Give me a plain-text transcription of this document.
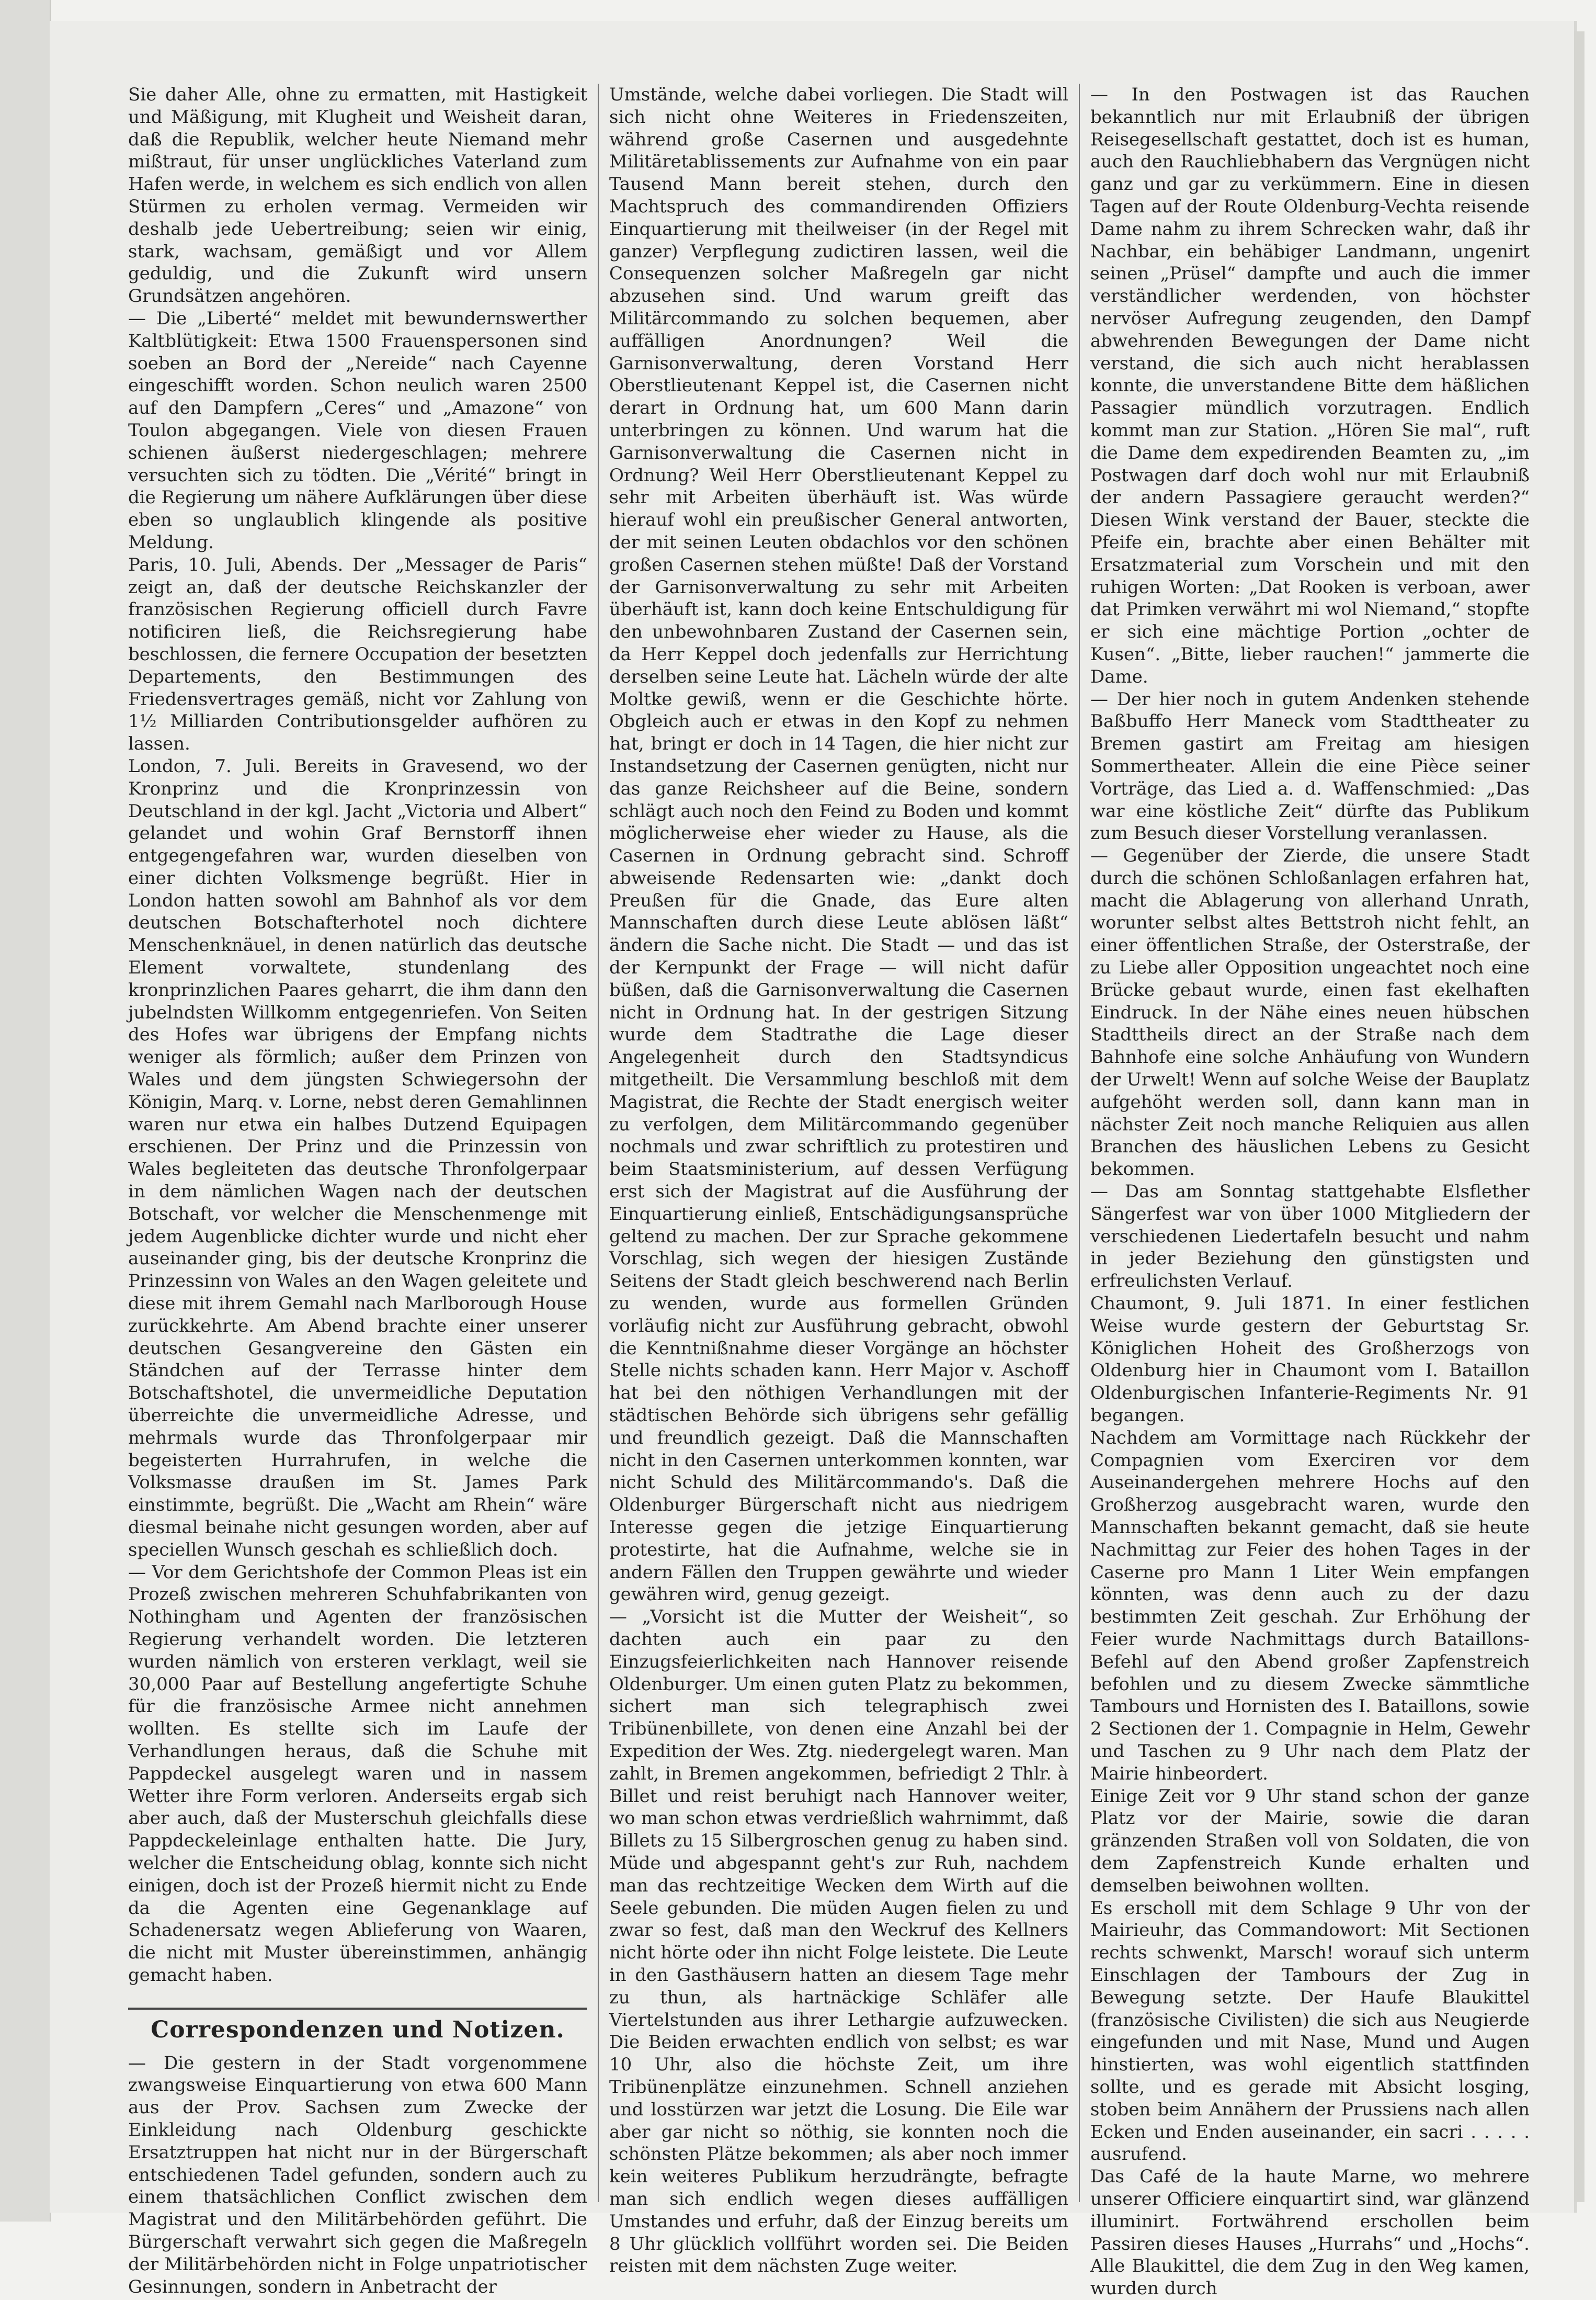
Sie daher Alle, ohne zu ermatten, mit Hastigkeit und Mäßigung, mit Klugheit und Weisheit daran, daß die Republik, welcher heute Niemand mehr mißtraut, für unser unglückliches Vaterland zum Hafen werde, in welchem es sich endlich von allen Stürmen zu erholen vermag. Vermeiden wir deshalb jede Uebertreibung; seien wir einig, stark, wachsam, gemäßigt und vor Allem geduldig, und die Zukunft wird unsern Grundsätzen angehören.

— Die „Liberté“ meldet mit bewundernswerther Kaltblütigkeit: Etwa 1500 Frauenspersonen sind soeben an Bord der „Nereide“ nach Cayenne eingeschifft worden. Schon neulich waren 2500 auf den Dampfern „Ceres“ und „Amazone“ von Toulon abgegangen. Viele von diesen Frauen schienen äußerst niedergeschlagen; mehrere versuchten sich zu tödten. Die „Vérité“ bringt in die Regierung um nähere Aufklärungen über diese eben so unglaublich klingende als positive Meldung.

Paris, 10. Juli, Abends. Der „Messager de Paris“ zeigt an, daß der deutsche Reichskanzler der französischen Regierung officiell durch Favre notificiren ließ, die Reichsregierung habe beschlossen, die fernere Occupation der besetzten Departements, den Bestimmungen des Friedensvertrages gemäß, nicht vor Zahlung von 1½ Milliarden Contributionsgelder aufhören zu lassen.

London, 7. Juli. Bereits in Gravesend, wo der Kronprinz und die Kronprinzessin von Deutschland in der kgl. Jacht „Victoria und Albert“ gelandet und wohin Graf Bernstorff ihnen entgegengefahren war, wurden dieselben von einer dichten Volksmenge begrüßt. Hier in London hatten sowohl am Bahnhof als vor dem deutschen Botschafterhotel noch dichtere Menschenknäuel, in denen natürlich das deutsche Element vorwaltete, stundenlang des kronprinzlichen Paares geharrt, die ihm dann den jubelndsten Willkomm entgegenriefen. Von Seiten des Hofes war übrigens der Empfang nichts weniger als förmlich; außer dem Prinzen von Wales und dem jüngsten Schwiegersohn der Königin, Marq. v. Lorne, nebst deren Gemahlinnen waren nur etwa ein halbes Dutzend Equipagen erschienen. Der Prinz und die Prinzessin von Wales begleiteten das deutsche Thronfolgerpaar in dem nämlichen Wagen nach der deutschen Botschaft, vor welcher die Menschenmenge mit jedem Augenblicke dichter wurde und nicht eher auseinander ging, bis der deutsche Kronprinz die Prinzessinn von Wales an den Wagen geleitete und diese mit ihrem Gemahl nach Marlborough House zurückkehrte. Am Abend brachte einer unserer deutschen Gesangvereine den Gästen ein Ständchen auf der Terrasse hinter dem Botschaftshotel, die unvermeidliche Deputation überreichte die unvermeidliche Adresse, und mehrmals wurde das Thronfolgerpaar mir begeisterten Hurrahrufen, in welche die Volksmasse draußen im St. James Park einstimmte, begrüßt. Die „Wacht am Rhein“ wäre diesmal beinahe nicht gesungen worden, aber auf speciellen Wunsch geschah es schließlich doch.

— Vor dem Gerichtshofe der Common Pleas ist ein Prozeß zwischen mehreren Schuhfabrikanten von Nothingham und Agenten der französischen Regierung verhandelt worden. Die letzteren wurden nämlich von ersteren verklagt, weil sie 30,000 Paar auf Bestellung angefertigte Schuhe für die französische Armee nicht annehmen wollten. Es stellte sich im Laufe der Verhandlungen heraus, daß die Schuhe mit Pappdeckel ausgelegt waren und in nassem Wetter ihre Form verloren. Anderseits ergab sich aber auch, daß der Musterschuh gleichfalls diese Pappdeckeleinlage enthalten hatte. Die Jury, welcher die Entscheidung oblag, konnte sich nicht einigen, doch ist der Prozeß hiermit nicht zu Ende da die Agenten eine Gegenanklage auf Schadenersatz wegen Ablieferung von Waaren, die nicht mit Muster übereinstimmen, anhängig gemacht haben.

Correspondenzen und Notizen.

— Die gestern in der Stadt vorgenommene zwangsweise Einquartierung von etwa 600 Mann aus der Prov. Sachsen zum Zwecke der Einkleidung nach Oldenburg geschickte Ersatztruppen hat nicht nur in der Bürgerschaft entschiedenen Tadel gefunden, sondern auch zu einem thatsächlichen Conflict zwischen dem Magistrat und den Militärbehörden geführt. Die Bürgerschaft verwahrt sich gegen die Maßregeln der Militärbehörden nicht in Folge unpatriotischer Gesinnungen, sondern in Anbetracht der

Umstände, welche dabei vorliegen. Die Stadt will sich nicht ohne Weiteres in Friedenszeiten, während große Casernen und ausgedehnte Militäretablissements zur Aufnahme von ein paar Tausend Mann bereit stehen, durch den Machtspruch des commandirenden Offiziers Einquartierung mit theilweiser (in der Regel mit ganzer) Verpflegung zudictiren lassen, weil die Consequenzen solcher Maßregeln gar nicht abzusehen sind. Und warum greift das Militärcommando zu solchen bequemen, aber auffälligen Anordnungen? Weil die Garnisonverwaltung, deren Vorstand Herr Oberstlieutenant Keppel ist, die Casernen nicht derart in Ordnung hat, um 600 Mann darin unterbringen zu können. Und warum hat die Garnisonverwaltung die Casernen nicht in Ordnung? Weil Herr Oberstlieutenant Keppel zu sehr mit Arbeiten überhäuft ist. Was würde hierauf wohl ein preußischer General antworten, der mit seinen Leuten obdachlos vor den schönen großen Casernen stehen müßte! Daß der Vorstand der Garnisonverwaltung zu sehr mit Arbeiten überhäuft ist, kann doch keine Entschuldigung für den unbewohnbaren Zustand der Casernen sein, da Herr Keppel doch jedenfalls zur Herrichtung derselben seine Leute hat. Lächeln würde der alte Moltke gewiß, wenn er die Geschichte hörte. Obgleich auch er etwas in den Kopf zu nehmen hat, bringt er doch in 14 Tagen, die hier nicht zur Instandsetzung der Casernen genügten, nicht nur das ganze Reichsheer auf die Beine, sondern schlägt auch noch den Feind zu Boden und kommt möglicherweise eher wieder zu Hause, als die Casernen in Ordnung gebracht sind. Schroff abweisende Redensarten wie: „dankt doch Preußen für die Gnade, das Eure alten Mannschaften durch diese Leute ablösen läßt“ ändern die Sache nicht. Die Stadt — und das ist der Kernpunkt der Frage — will nicht dafür büßen, daß die Garnisonverwaltung die Casernen nicht in Ordnung hat. In der gestrigen Sitzung wurde dem Stadtrathe die Lage dieser Angelegenheit durch den Stadtsyndicus mitgetheilt. Die Versammlung beschloß mit dem Magistrat, die Rechte der Stadt energisch weiter zu verfolgen, dem Militärcommando gegenüber nochmals und zwar schriftlich zu protestiren und beim Staatsministerium, auf dessen Verfügung erst sich der Magistrat auf die Ausführung der Einquartierung einließ, Entschädigungsansprüche geltend zu machen. Der zur Sprache gekommene Vorschlag, sich wegen der hiesigen Zustände Seitens der Stadt gleich beschwerend nach Berlin zu wenden, wurde aus formellen Gründen vorläufig nicht zur Ausführung gebracht, obwohl die Kenntnißnahme dieser Vorgänge an höchster Stelle nichts schaden kann. Herr Major v. Aschoff hat bei den nöthigen Verhandlungen mit der städtischen Behörde sich übrigens sehr gefällig und freundlich gezeigt. Daß die Mannschaften nicht in den Casernen unterkommen konnten, war nicht Schuld des Militärcommando's. Daß die Oldenburger Bürgerschaft nicht aus niedrigem Interesse gegen die jetzige Einquartierung protestirte, hat die Aufnahme, welche sie in andern Fällen den Truppen gewährte und wieder gewähren wird, genug gezeigt.

— „Vorsicht ist die Mutter der Weisheit“, so dachten auch ein paar zu den Einzugsfeierlichkeiten nach Hannover reisende Oldenburger. Um einen guten Platz zu bekommen, sichert man sich telegraphisch zwei Tribünenbillete, von denen eine Anzahl bei der Expedition der Wes. Ztg. niedergelegt waren. Man zahlt, in Bremen angekommen, befriedigt 2 Thlr. à Billet und reist beruhigt nach Hannover weiter, wo man schon etwas verdrießlich wahrnimmt, daß Billets zu 15 Silbergroschen genug zu haben sind. Müde und abgespannt geht's zur Ruh, nachdem man das rechtzeitige Wecken dem Wirth auf die Seele gebunden. Die müden Augen fielen zu und zwar so fest, daß man den Weckruf des Kellners nicht hörte oder ihn nicht Folge leistete. Die Leute in den Gasthäusern hatten an diesem Tage mehr zu thun, als hartnäckige Schläfer alle Viertelstunden aus ihrer Lethargie aufzuwecken. Die Beiden erwachten endlich von selbst; es war 10 Uhr, also die höchste Zeit, um ihre Tribünenplätze einzunehmen. Schnell anziehen und losstürzen war jetzt die Losung. Die Eile war aber gar nicht so nöthig, sie konnten noch die schönsten Plätze bekommen; als aber noch immer kein weiteres Publikum herzudrängte, befragte man sich endlich wegen dieses auffälligen Umstandes und erfuhr, daß der Einzug bereits um 8 Uhr glücklich vollführt worden sei. Die Beiden reisten mit dem nächsten Zuge weiter.

— In den Postwagen ist das Rauchen bekanntlich nur mit Erlaubniß der übrigen Reisegesellschaft gestattet, doch ist es human, auch den Rauchliebhabern das Vergnügen nicht ganz und gar zu verkümmern. Eine in diesen Tagen auf der Route Oldenburg-Vechta reisende Dame nahm zu ihrem Schrecken wahr, daß ihr Nachbar, ein behäbiger Landmann, ungenirt seinen „Prüsel“ dampfte und auch die immer verständlicher werdenden, von höchster nervöser Aufregung zeugenden, den Dampf abwehrenden Bewegungen der Dame nicht verstand, die sich auch nicht herablassen konnte, die unverstandene Bitte dem häßlichen Passagier mündlich vorzutragen. Endlich kommt man zur Station. „Hören Sie mal“, ruft die Dame dem expedirenden Beamten zu, „im Postwagen darf doch wohl nur mit Erlaubniß der andern Passagiere geraucht werden?“ Diesen Wink verstand der Bauer, steckte die Pfeife ein, brachte aber einen Behälter mit Ersatzmaterial zum Vorschein und mit den ruhigen Worten: „Dat Rooken is verboan, awer dat Primken verwährt mi wol Niemand,“ stopfte er sich eine mächtige Portion „ochter de Kusen“. „Bitte, lieber rauchen!“ jammerte die Dame.

— Der hier noch in gutem Andenken stehende Baßbuffo Herr Maneck vom Stadttheater zu Bremen gastirt am Freitag am hiesigen Sommertheater. Allein die eine Pièce seiner Vorträge, das Lied a. d. Waffenschmied: „Das war eine köstliche Zeit“ dürfte das Publikum zum Besuch dieser Vorstellung veranlassen.

— Gegenüber der Zierde, die unsere Stadt durch die schönen Schloßanlagen erfahren hat, macht die Ablagerung von allerhand Unrath, worunter selbst altes Bettstroh nicht fehlt, an einer öffentlichen Straße, der Osterstraße, der zu Liebe aller Opposition ungeachtet noch eine Brücke gebaut wurde, einen fast ekelhaften Eindruck. In der Nähe eines neuen hübschen Stadttheils direct an der Straße nach dem Bahnhofe eine solche Anhäufung von Wundern der Urwelt! Wenn auf solche Weise der Bauplatz aufgehöht werden soll, dann kann man in nächster Zeit noch manche Reliquien aus allen Branchen des häuslichen Lebens zu Gesicht bekommen.

— Das am Sonntag stattgehabte Elsflether Sängerfest war von über 1000 Mitgliedern der verschiedenen Liedertafeln besucht und nahm in jeder Beziehung den günstigsten und erfreulichsten Verlauf.

Chaumont, 9. Juli 1871. In einer festlichen Weise wurde gestern der Geburtstag Sr. Königlichen Hoheit des Großherzogs von Oldenburg hier in Chaumont vom I. Bataillon Oldenburgischen Infanterie-Regiments Nr. 91 begangen.

Nachdem am Vormittage nach Rückkehr der Compagnien vom Exerciren vor dem Auseinandergehen mehrere Hochs auf den Großherzog ausgebracht waren, wurde den Mannschaften bekannt gemacht, daß sie heute Nachmittag zur Feier des hohen Tages in der Caserne pro Mann 1 Liter Wein empfangen könnten, was denn auch zu der dazu bestimmten Zeit geschah. Zur Erhöhung der Feier wurde Nachmittags durch Bataillons-Befehl auf den Abend großer Zapfenstreich befohlen und zu diesem Zwecke sämmtliche Tambours und Hornisten des I. Bataillons, sowie 2 Sectionen der 1. Compagnie in Helm, Gewehr und Taschen zu 9 Uhr nach dem Platz der Mairie hinbeordert.

Einige Zeit vor 9 Uhr stand schon der ganze Platz vor der Mairie, sowie die daran gränzenden Straßen voll von Soldaten, die von dem Zapfenstreich Kunde erhalten und demselben beiwohnen wollten.

Es erscholl mit dem Schlage 9 Uhr von der Mairieuhr, das Commandowort: Mit Sectionen rechts schwenkt, Marsch! worauf sich unterm Einschlagen der Tambours der Zug in Bewegung setzte. Der Haufe Blaukittel (französische Civilisten) die sich aus Neugierde eingefunden und mit Nase, Mund und Augen hinstierten, was wohl eigentlich stattfinden sollte, und es gerade mit Absicht losging, stoben beim Annähern der Prussiens nach allen Ecken und Enden auseinander, ein sacri . . . . . ausrufend.

Das Café de la haute Marne, wo mehrere unserer Officiere einquartirt sind, war glänzend illuminirt. Fortwährend erschollen beim Passiren dieses Hauses „Hurrahs“ und „Hochs“. Alle Blaukittel, die dem Zug in den Weg kamen, wurden durch
